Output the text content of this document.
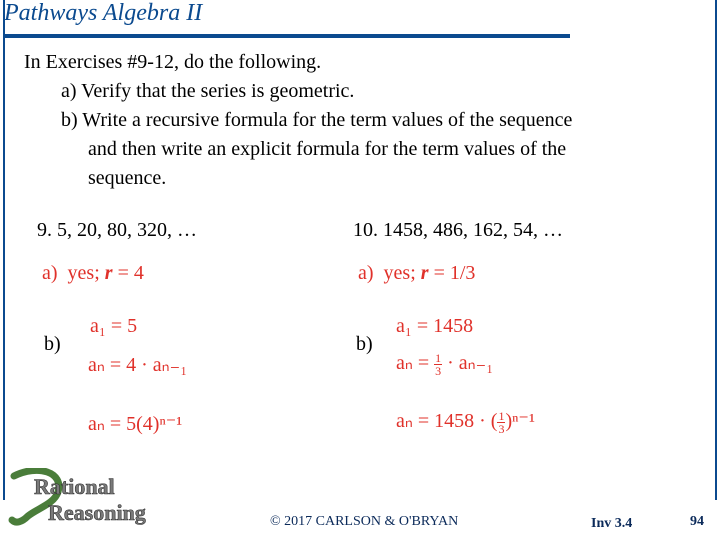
Pathways Algebra II
In Exercises #9-12, do the following.
a) Verify that the series is geometric.
b) Write a recursive formula for the term values of the sequence
and then write an explicit formula for the term values of the
sequence.
9. 5, 20, 80, 320, …
a) yes; r = 4
b)
a₁ = 5
aₙ = 4 · aₙ₋₁
aₙ = 5(4)ⁿ⁻¹
10. 1458, 486, 162, 54, …
a) yes; r = 1/3
b)
a₁ = 1458
$a_n = \frac{1}{3} \cdot a_{n-1}$
aₙ = 1458 · ( $\frac{1}{3} )^{n-1}$
Rational
Reasoning	© 2017 CARLSON & O'BRYAN	Inv 3.4	94
